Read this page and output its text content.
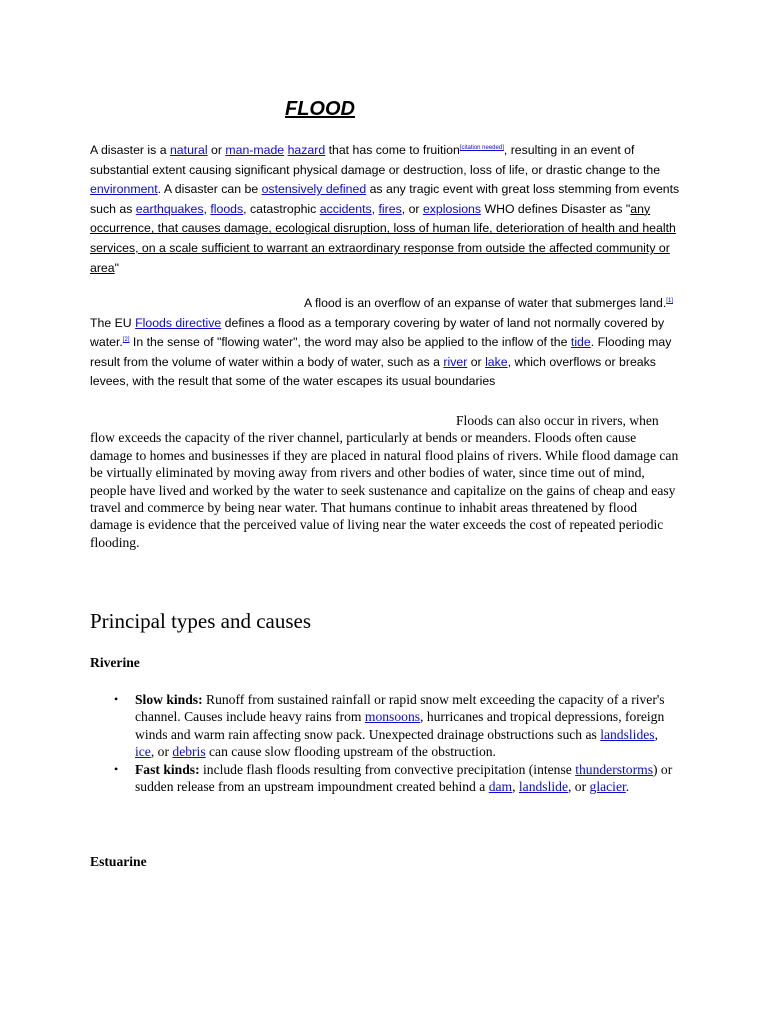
FLOOD
A disaster is a natural or man-made hazard that has come to fruition[citation needed], resulting in an event of substantial extent causing significant physical damage or destruction, loss of life, or drastic change to the environment. A disaster can be ostensively defined as any tragic event with great loss stemming from events such as earthquakes, floods, catastrophic accidents, fires, or explosions WHO defines Disaster as "any occurrence, that causes damage, ecological disruption, loss of human life, deterioration of health and health services, on a scale sufficient to warrant an extraordinary response from outside the affected community or area"
A flood is an overflow of an expanse of water that submerges land.[1] The EU Floods directive defines a flood as a temporary covering by water of land not normally covered by water.[2] In the sense of "flowing water", the word may also be applied to the inflow of the tide. Flooding may result from the volume of water within a body of water, such as a river or lake, which overflows or breaks levees, with the result that some of the water escapes its usual boundaries
Floods can also occur in rivers, when flow exceeds the capacity of the river channel, particularly at bends or meanders. Floods often cause damage to homes and businesses if they are placed in natural flood plains of rivers. While flood damage can be virtually eliminated by moving away from rivers and other bodies of water, since time out of mind, people have lived and worked by the water to seek sustenance and capitalize on the gains of cheap and easy travel and commerce by being near water. That humans continue to inhabit areas threatened by flood damage is evidence that the perceived value of living near the water exceeds the cost of repeated periodic flooding.
Principal types and causes
Riverine
• Slow kinds: Runoff from sustained rainfall or rapid snow melt exceeding the capacity of a river's channel. Causes include heavy rains from monsoons, hurricanes and tropical depressions, foreign winds and warm rain affecting snow pack. Unexpected drainage obstructions such as landslides, ice, or debris can cause slow flooding upstream of the obstruction.
• Fast kinds: include flash floods resulting from convective precipitation (intense thunderstorms) or sudden release from an upstream impoundment created behind a dam, landslide, or glacier.
Estuarine
